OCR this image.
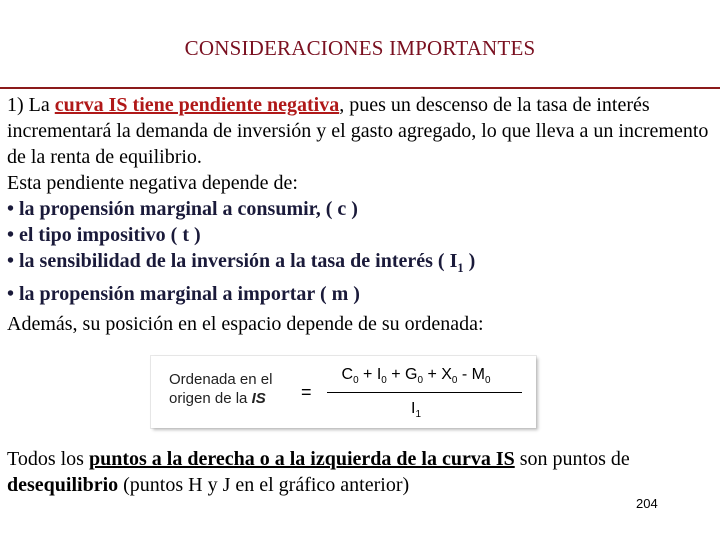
CONSIDERACIONES IMPORTANTES

1) La curva IS tiene pendiente negativa, pues un descenso de la tasa de interés incrementará la demanda de inversión y el gasto agregado, lo que lleva a un incremento de la renta de equilibrio.
Esta pendiente negativa depende de:
• la propensión marginal a consumir, ( c )
• el tipo impositivo ( t )
• la sensibilidad de la inversión a la tasa de interés ( $I_1$ )
• la propensión marginal a importar ( m )

Además, su posición en el espacio depende de su ordenada:

Ordenada en el
origen de la IS	=
$C_0 + I_0 + G_0 + X_0 - M_0$
$I_1$

Todos los puntos a la derecha o a la izquierda de la curva IS son puntos de desequilibrio (puntos H y J en el gráfico anterior)

204
